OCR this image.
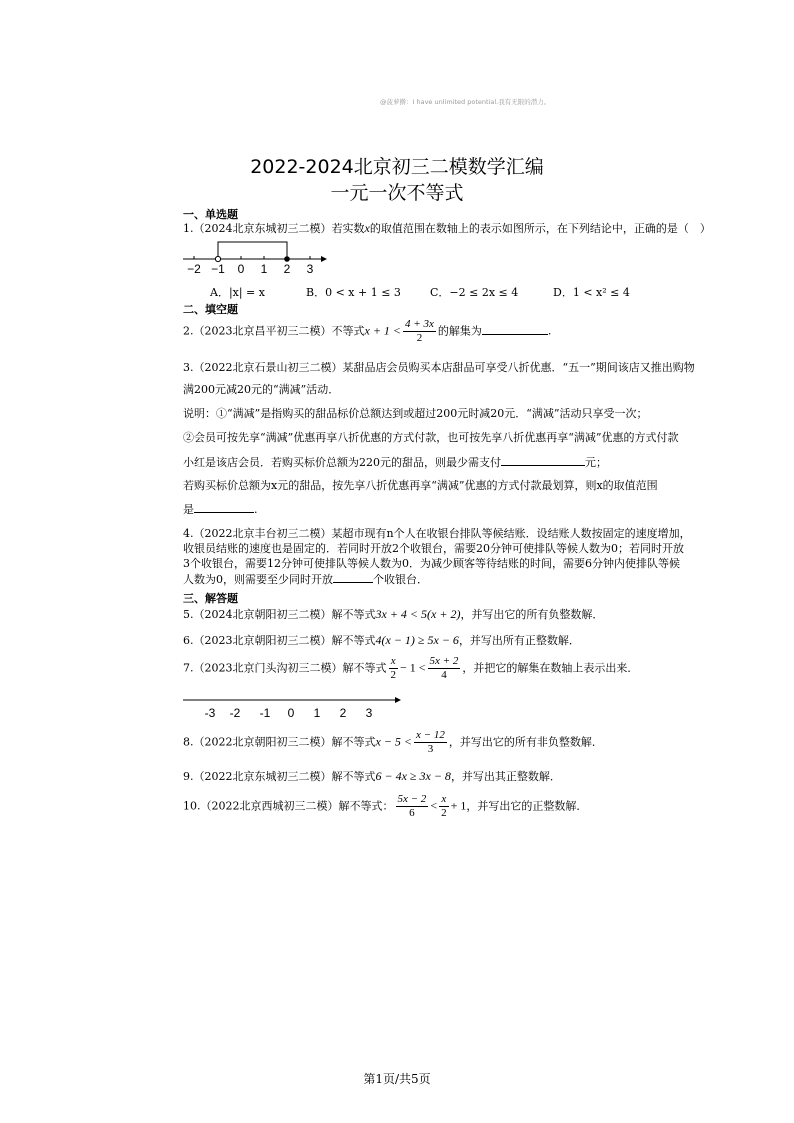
@菠萝擀：I have unlimited potential.我有无限的潜力。
2022-2024北京初三二模数学汇编
一元一次不等式
一、单选题
1.（2024北京东城初三二模）若实数x的取值范围在数轴上的表示如图所示，在下列结论中，正确的是（　）
−2 −1 0 1 2 3
A．|x| = x	B．0 < x + 1 ≤ 3	C．−2 ≤ 2x ≤ 4	D．1 < x² ≤ 4
二、填空题
2.（2023北京昌平初三二模）不等式$x + 1 < \frac{4 + 3x}{2}$ 的解集为	.
3.（2022北京石景山初三二模）某甜品店会员购买本店甜品可享受八折优惠．“五一”期间该店又推出购物
满200元减20元的“满减”活动．
说明：①“满减”是指购买的甜品标价总额达到或超过200元时减20元．“满减”活动只享受一次；
②会员可按先享“满减”优惠再享八折优惠的方式付款，也可按先享八折优惠再享“满减”优惠的方式付款
小红是该店会员．若购买标价总额为220元的甜品，则最少需支付	元；
若购买标价总额为x元的甜品，按先享八折优惠再享“满减”优惠的方式付款最划算，则x的取值范围
是	.
4.（2022北京丰台初三二模）某超市现有n个人在收银台排队等候结账．设结账人数按固定的速度增加，
收银员结账的速度也是固定的．若同时开放2个收银台，需要20分钟可使排队等候人数为0；若同时开放
3个收银台，需要12分钟可使排队等候人数为0．为减少顾客等待结账的时间，需要6分钟内使排队等候
人数为0，则需要至少同时开放	个收银台．
三、解答题
5.（2024北京朝阳初三二模）解不等式3x + 4 < 5(x + 2)，并写出它的所有负整数解．
6.（2023北京朝阳初三二模）解不等式4(x − 1) ≥ 5x − 6，并写出所有正整数解．
7.（2023北京门头沟初三二模）解不等式 $\frac{x}{2} - 1 < \frac{5x + 2}{4}$ ，并把它的解集在数轴上表示出来．
-3 -2 -1 0 1 2 3
8.（2022北京朝阳初三二模）解不等式$x - 5 < \frac{x - 12}{3}$ ，并写出它的所有非负整数解．
9.（2022北京东城初三二模）解不等式6 − 4x ≥ 3x − 8，并写出其正整数解．
10.（2022北京西城初三二模）解不等式： $\frac{5x - 2}{6} < \frac{x}{2} + 1$，并写出它的正整数解．
第1页/共5页
